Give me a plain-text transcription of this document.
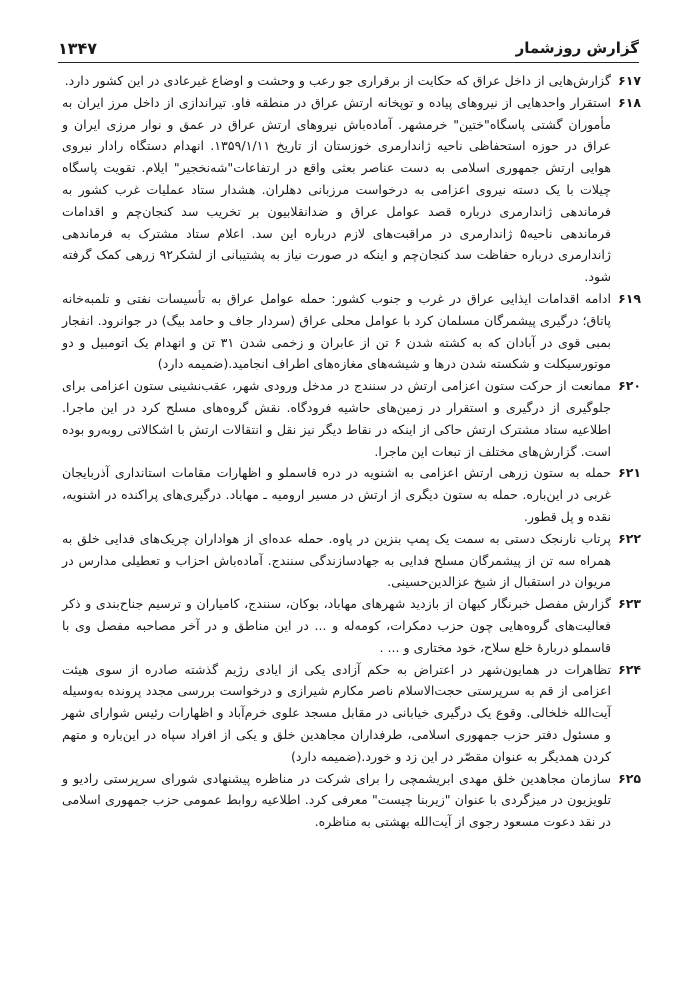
گزارش روزشمار
۱۳۴۷
۶۱۷
گزارش‌هایی از داخل عراق که حکایت از برقراری جو رعب و وحشت و اوضاع غیرعادی در این کشور دارد.
۶۱۸
استقرار واحدهایی از نیروهای پیاده و توپخانه ارتش عراق در منطقه فاو. تیراندازی از داخل مرز ایران به مأموران گشتی پاسگاه"ختین" خرمشهر. آماده‌باش نیروهای ارتش عراق در عمق و نوار مرزی ایران و عراق در حوزه استحفاظی ناحیه ژاندارمری خوزستان از تاریخ ۱۳۵۹/۱/۱۱. انهدام دستگاه رادار نیروی هوایی ارتش جمهوری اسلامی به دست عناصر بعثی واقع در ارتفاعات"شه‌نخجیر" ایلام. تقویت پاسگاه چیلات با یک دسته نیروی اعزامی به درخواست مرزبانی دهلران. هشدار ستاد عملیات غرب کشور به فرماندهی ژاندارمری درباره قصد عوامل عراق و ضدانقلابیون بر تخریب سد کنجان‌چم و اقدامات فرماندهی ناحیه۵ ژاندارمری در مراقبت‌های لازم درباره این سد. اعلام ستاد مشترک به فرماندهی ژاندارمری درباره حفاظت سد کنجان‌چم و اینکه در صورت نیاز به پشتیبانی از لشکر۹۲ زرهی کمک گرفته شود.
۶۱۹
ادامه اقدامات ایذایی عراق در غرب و جنوب کشور: حمله عوامل عراق به تأسیسات نفتی و تلمبه‌خانه پاتاق؛ درگیری پیشمرگان مسلمان کرد با عوامل محلی عراق (سردار جاف و حامد بیگ) در جوانرود. انفجار بمبی قوی در آبادان که به کشته شدن ۶ تن از عابران و زخمی شدن ۳۱ تن و انهدام یک اتومبیل و دو موتورسیکلت و شکسته شدن درها و شیشه‌های مغازه‌های اطراف انجامید.(ضمیمه دارد)
۶۲۰
ممانعت از حرکت ستون اعزامی ارتش در سنندج در مدخل ورودی شهر، عقب‌نشینی ستون اعزامی برای جلوگیری از درگیری و استقرار در زمین‌های حاشیه فرودگاه. نقش گروه‌های مسلح کرد در این ماجرا. اطلاعیه ستاد مشترک ارتش حاکی از اینکه در نقاط دیگر نیز نقل و انتقالات ارتش با اشکالاتی روبه‌رو بوده است. گزارش‌های مختلف از تبعات این ماجرا.
۶۲۱
حمله به ستون زرهی ارتش اعزامی به اشنویه در دره قاسملو و اظهارات مقامات استانداری آذربایجان غربی در این‌باره. حمله به ستون دیگری از ارتش در مسیر ارومیه ـ مهاباد. درگیری‌های پراکنده در اشنویه، نقده و پل قطور.
۶۲۲
پرتاب نارنجک دستی به سمت یک پمپ بنزین در پاوه. حمله عده‌ای از هواداران چریک‌های فدایی خلق به همراه سه تن از پیشمرگان مسلح فدایی به جهادسازندگی سنندج. آماده‌باش احزاب و تعطیلی مدارس در مریوان در استقبال از شیخ عزالدین‌حسینی.
۶۲۳
گزارش مفصل خبرنگار کیهان از بازدید شهرهای مهاباد، بوکان، سنندج، کامیاران و ترسیم جناح‌بندی و ذکر فعالیت‌های گروه‌هایی چون حزب دمکرات، کومه‌له و ... در این مناطق و در آخر مصاحبه مفصل وی با قاسملو دربارهٔ خلع سلاح، خود مختاری و ... .
۶۲۴
تظاهرات در همایون‌شهر در اعتراض به حکم آزادی یکی از ایادی رژیم گذشته صادره از سوی هیئت اعزامی از قم به سرپرستی حجت‌الاسلام ناصر مکارم شیرازی و درخواست بررسی مجدد پرونده به‌وسیله آیت‌الله خلخالی. وقوع یک درگیری خیابانی در مقابل مسجد علوی خرم‌آباد و اظهارات رئیس شوارای شهر و مسئول دفتر حزب جمهوری اسلامی، طرفداران مجاهدین خلق و یکی از افراد سپاه در این‌باره و متهم کردن همدیگر به عنوان مقصّر در این زد و خورد.(ضمیمه دارد)
۶۲۵
سازمان مجاهدین خلق مهدی ابریشمچی را برای شرکت در مناظره پیشنهادی شورای سرپرستی رادیو و تلویزیون در میزگردی با عنوان "زیربنا چیست" معرفی کرد. اطلاعیه روابط عمومی حزب جمهوری اسلامی در نقد دعوت مسعود رجوی از آیت‌الله بهشتی به مناظره.
